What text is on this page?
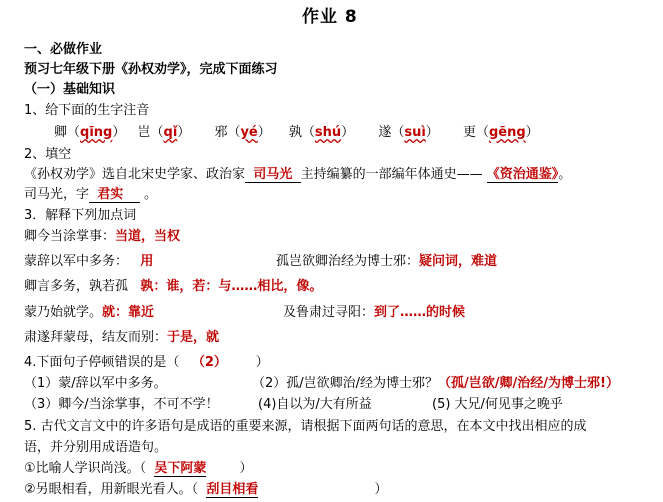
作业 8
一、必做作业
预习七年级下册《孙权劝学》，完成下面练习
（一）基础知识
1、给下面的生字注音
卿（qīng） 岂（qǐ） 邪（yé） 孰（shú） 遂（suì） 更（gēng）
2、填空
《孙权劝学》选自北宋史学家、政治家 司马光 主持编纂的一部编年体通史—— 《资治通鉴》。
司马光，字 君实 。
3．解释下列加点词
卿今当涂掌事：当道，当权
蒙辞以军中多务： 用	孤岂欲卿治经为博士邪：疑问词，难道
卿言多务，孰若孤 孰：谁，若：与……相比，像。
蒙乃始就学。就：靠近	及鲁肃过寻阳：到了……的时候
肃遂拜蒙母，结友而别：于是，就
4.下面句子停顿错误的是（ （2） ）
（1）蒙/辞以军中多务。	（2）孤/岂欲卿治/经为博士邪？（孤/岂欲/卿/治经/为博士邪!）
（3）卿今/当涂掌事，不可不学！	(4)自以为/大有所益	(5) 大兄/何见事之晚乎
5. 古代文言文中的许多语句是成语的重要来源，请根据下面两句话的意思，在本文中找出相应的成
语，并分别用成语造句。
①比喻人学识尚浅。（ 吴下阿蒙	）
②另眼相看，用新眼光看人。（ 刮目相看	）
